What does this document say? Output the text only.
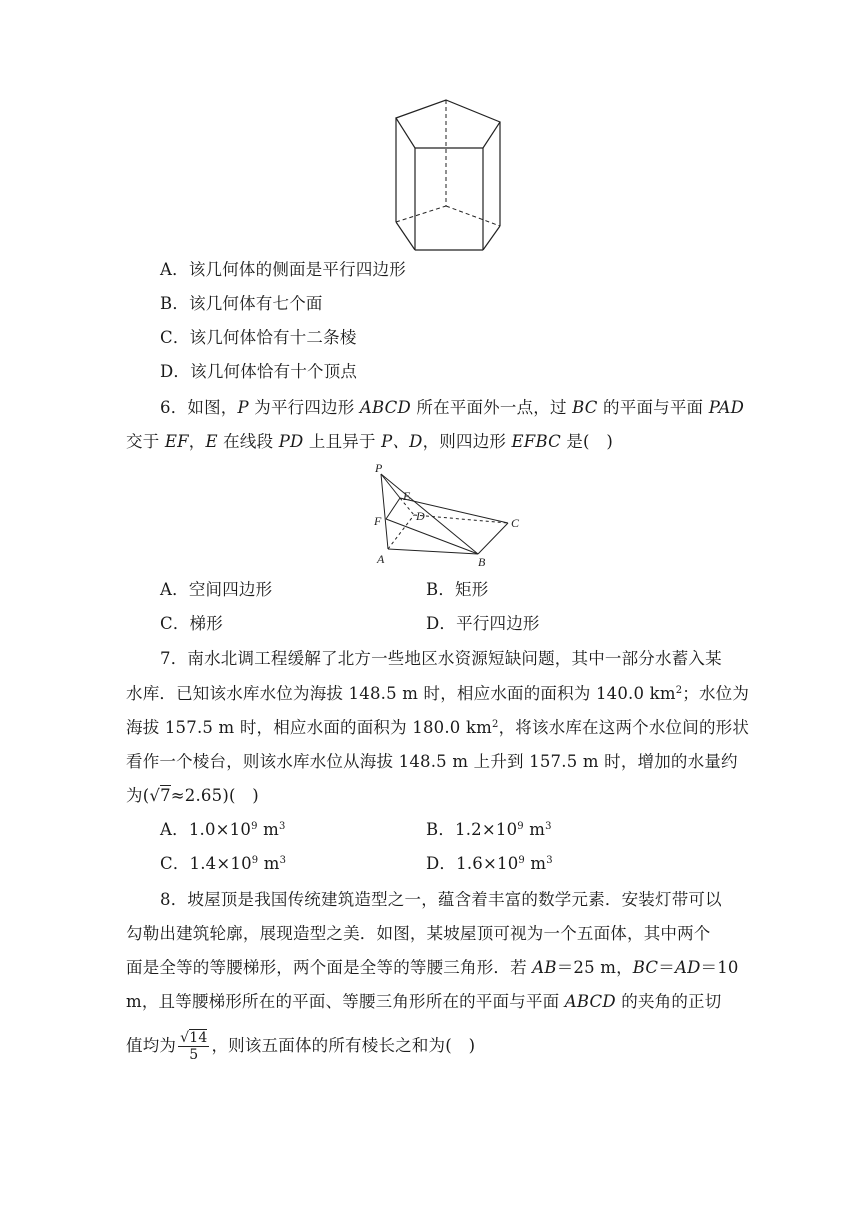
A．该几何体的侧面是平行四边形
B．该几何体有七个面
C．该几何体恰有十二条棱
D．该几何体恰有十个顶点
6．如图，P 为平行四边形 ABCD 所在平面外一点，过 BC 的平面与平面 PAD
交于 EF，E 在线段 PD 上且异于 P、D，则四边形 EFBC 是(　)
P
E
D
F	C
A	B
A．空间四边形	B．矩形
C．梯形	D．平行四边形
7．南水北调工程缓解了北方一些地区水资源短缺问题，其中一部分水蓄入某
水库．已知该水库水位为海拔 148.5 m 时，相应水面的面积为 140.0 $km^2$；水位为
海拔 157.5 m 时，相应水面的面积为 180.0 $km^2$，将该水库在这两个水位间的形状
看作一个棱台，则该水库水位从海拔 148.5 m 上升到 157.5 m 时，增加的水量约
为(√7≈2.65)(　)
A．$1.0\times 10^9$ $m^3$	B．$1.2\times 10^9$ $m^3$
C．$1.4\times 10^9$ $m^3$	D．$1.6\times 10^9$ $m^3$
8．坡屋顶是我国传统建筑造型之一，蕴含着丰富的数学元素．安装灯带可以
勾勒出建筑轮廓，展现造型之美．如图，某坡屋顶可视为一个五面体，其中两个
面是全等的等腰梯形，两个面是全等的等腰三角形．若 AB＝25 m，BC＝AD＝10
m，且等腰梯形所在的平面、等腰三角形所在的平面与平面 ABCD 的夹角的正切
值均为 $\frac{√14}{5}$ ，则该五面体的所有棱长之和为(　)
